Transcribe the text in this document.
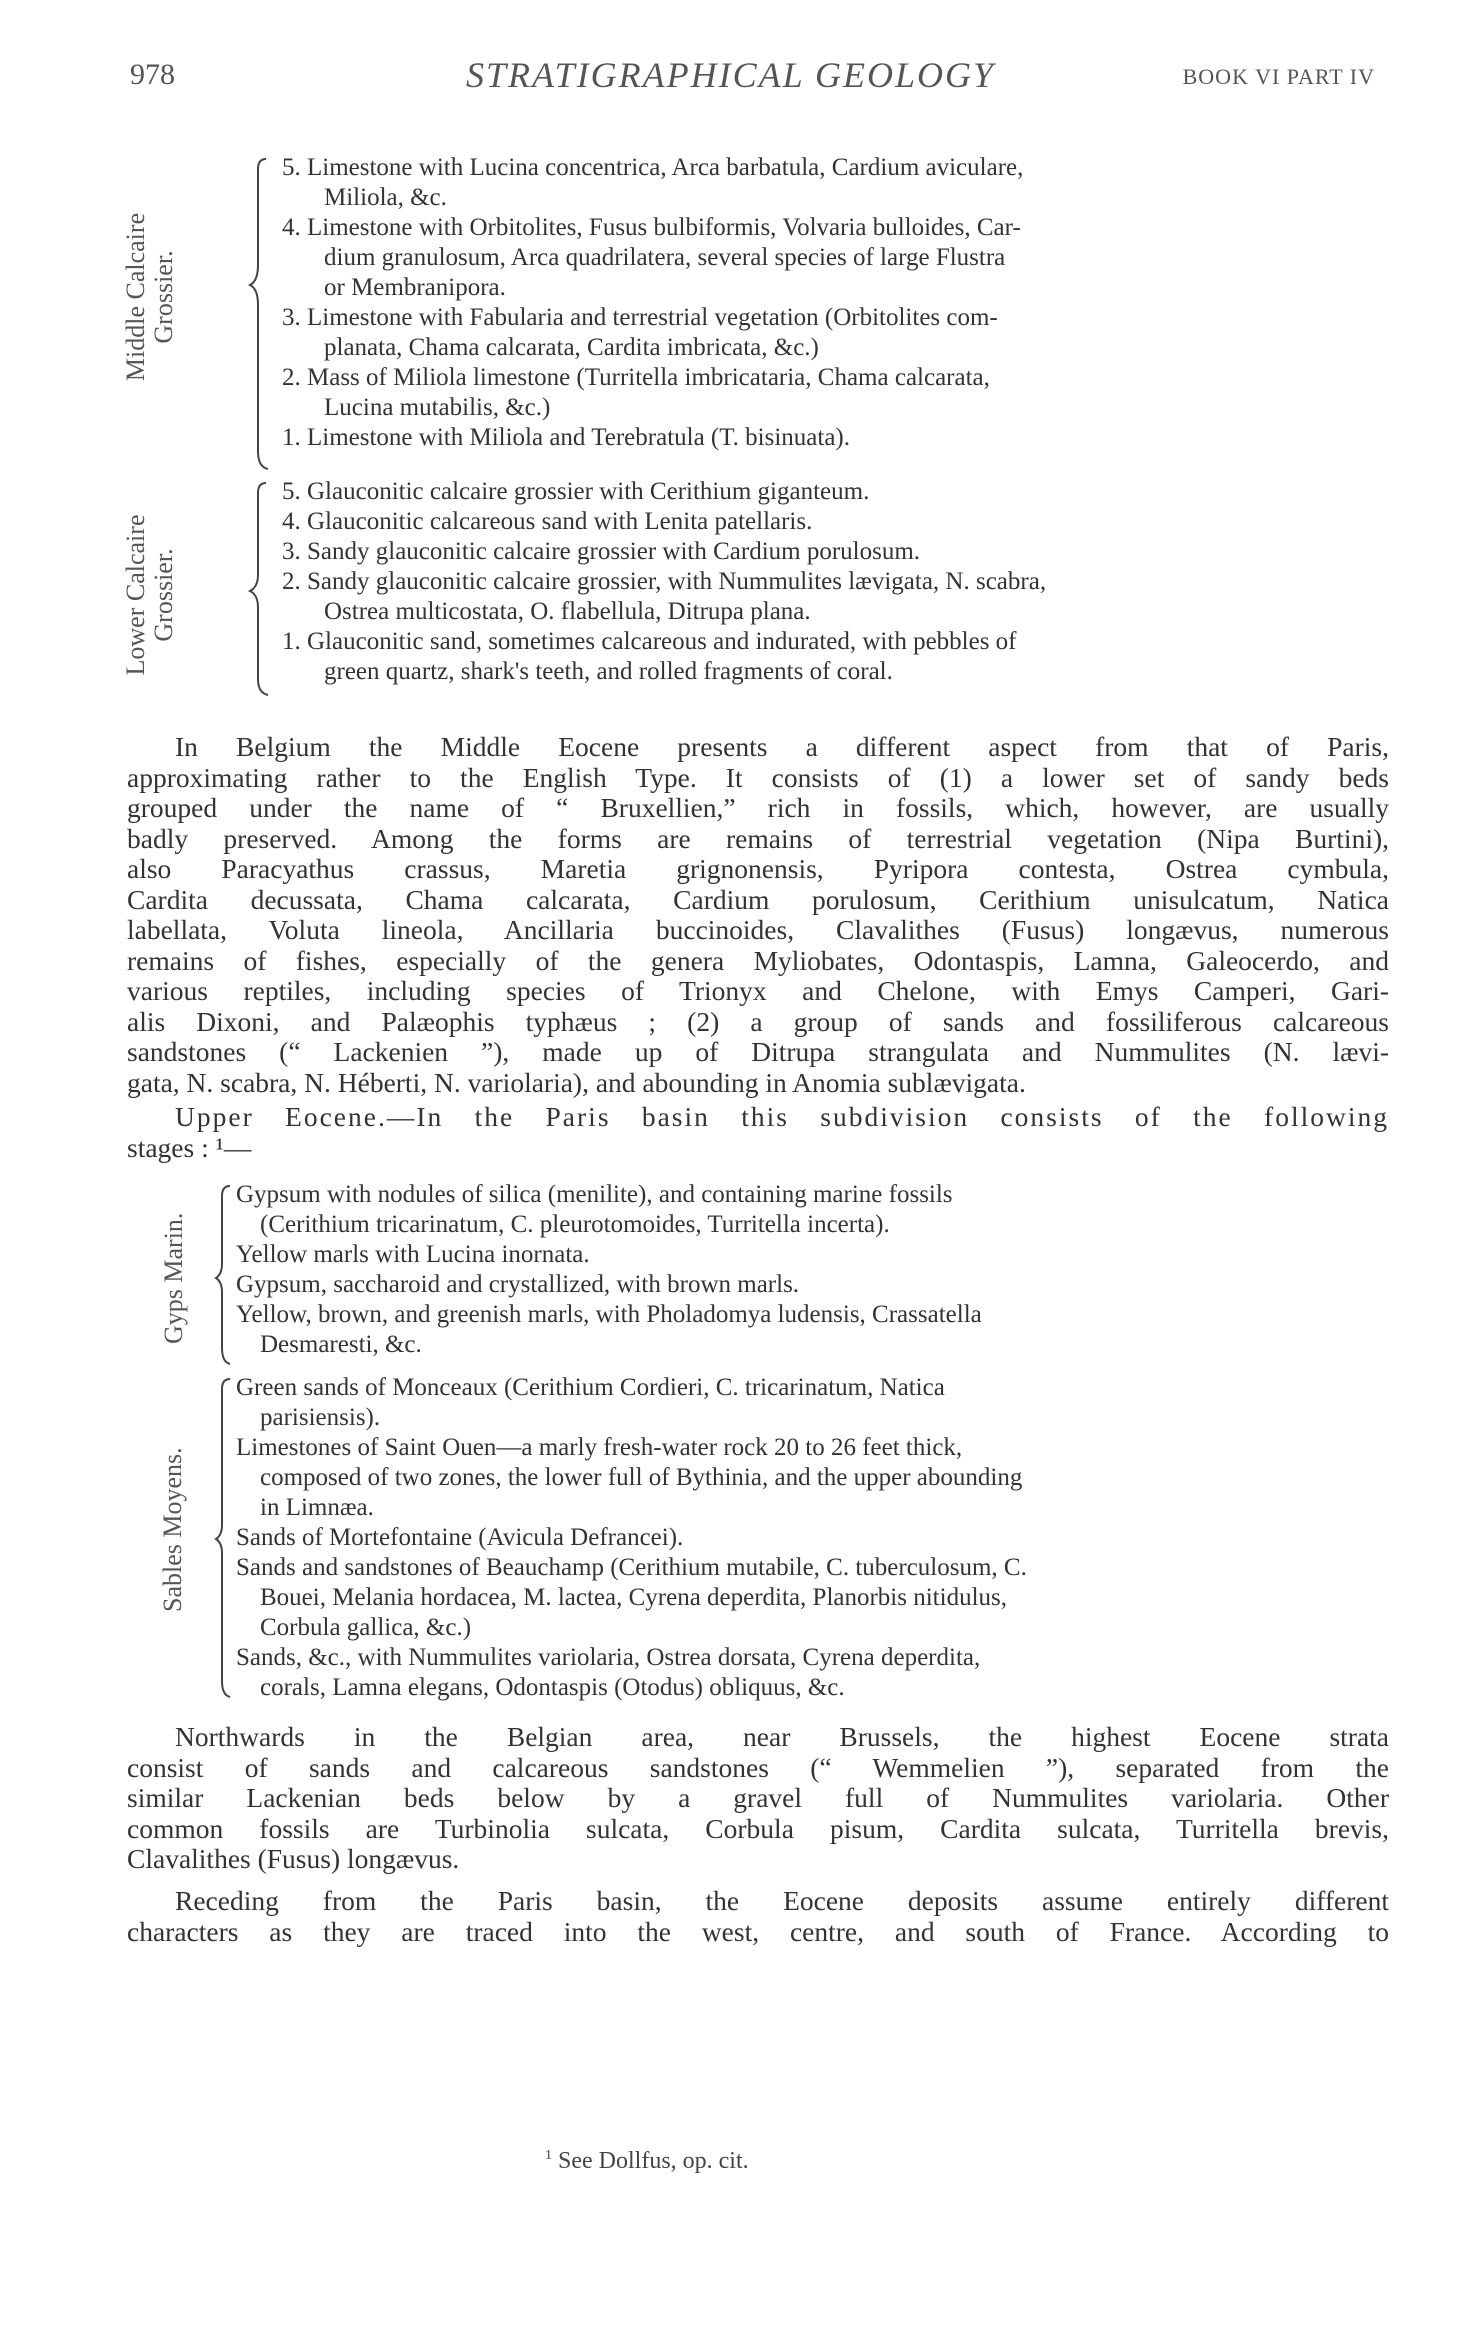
978	STRATIGRAPHICAL GEOLOGY	BOOK VI PART IV
Middle Calcaire Grossier.
5. Limestone with Lucina concentrica, Arca barbatula, Cardium aviculare,
Miliola, &c.
4. Limestone with Orbitolites, Fusus bulbiformis, Volvaria bulloides, Car-
dium granulosum, Arca quadrilatera, several species of large Flustra
or Membranipora.
3. Limestone with Fabularia and terrestrial vegetation (Orbitolites com-
planata, Chama calcarata, Cardita imbricata, &c.)
2. Mass of Miliola limestone (Turritella imbricataria, Chama calcarata,
Lucina mutabilis, &c.)
1. Limestone with Miliola and Terebratula (T. bisinuata).
Lower Calcaire Grossier.
5. Glauconitic calcaire grossier with Cerithium giganteum.
4. Glauconitic calcareous sand with Lenita patellaris.
3. Sandy glauconitic calcaire grossier with Cardium porulosum.
2. Sandy glauconitic calcaire grossier, with Nummulites lævigata, N. scabra,
Ostrea multicostata, O. flabellula, Ditrupa plana.
1. Glauconitic sand, sometimes calcareous and indurated, with pebbles of
green quartz, shark's teeth, and rolled fragments of coral.
In Belgium the Middle Eocene presents a different aspect from that of Paris,
approximating rather to the English Type. It consists of (1) a lower set of sandy beds
grouped under the name of “ Bruxellien,” rich in fossils, which, however, are usually
badly preserved. Among the forms are remains of terrestrial vegetation (Nipa Burtini),
also Paracyathus crassus, Maretia grignonensis, Pyripora contesta, Ostrea cymbula,
Cardita decussata, Chama calcarata, Cardium porulosum, Cerithium unisulcatum, Natica
labellata, Voluta lineola, Ancillaria buccinoides, Clavalithes (Fusus) longævus, numerous
remains of fishes, especially of the genera Myliobates, Odontaspis, Lamna, Galeocerdo, and
various reptiles, including species of Trionyx and Chelone, with Emys Camperi, Gari-
alis Dixoni, and Palæophis typhæus ; (2) a group of sands and fossiliferous calcareous
sandstones (“ Lackenien ”), made up of Ditrupa strangulata and Nummulites (N. lævi-
gata, N. scabra, N. Héberti, N. variolaria), and abounding in Anomia sublævigata.
Upper Eocene.—In the Paris basin this subdivision consists of the following
stages : ¹—
Gyps Marin.
Gypsum with nodules of silica (menilite), and containing marine fossils
(Cerithium tricarinatum, C. pleurotomoides, Turritella incerta).
Yellow marls with Lucina inornata.
Gypsum, saccharoid and crystallized, with brown marls.
Yellow, brown, and greenish marls, with Pholadomya ludensis, Crassatella
Desmaresti, &c.
Sables Moyens.
Green sands of Monceaux (Cerithium Cordieri, C. tricarinatum, Natica
parisiensis).
Limestones of Saint Ouen—a marly fresh-water rock 20 to 26 feet thick,
composed of two zones, the lower full of Bythinia, and the upper abounding
in Limnæa.
Sands of Mortefontaine (Avicula Defrancei).
Sands and sandstones of Beauchamp (Cerithium mutabile, C. tuberculosum, C.
Bouei, Melania hordacea, M. lactea, Cyrena deperdita, Planorbis nitidulus,
Corbula gallica, &c.)
Sands, &c., with Nummulites variolaria, Ostrea dorsata, Cyrena deperdita,
corals, Lamna elegans, Odontaspis (Otodus) obliquus, &c.
Northwards in the Belgian area, near Brussels, the highest Eocene strata
consist of sands and calcareous sandstones (“ Wemmelien ”), separated from the
similar Lackenian beds below by a gravel full of Nummulites variolaria. Other
common fossils are Turbinolia sulcata, Corbula pisum, Cardita sulcata, Turritella brevis,
Clavalithes (Fusus) longævus.
Receding from the Paris basin, the Eocene deposits assume entirely different
characters as they are traced into the west, centre, and south of France. According to
$^1$ See Dollfus, op. cit.
